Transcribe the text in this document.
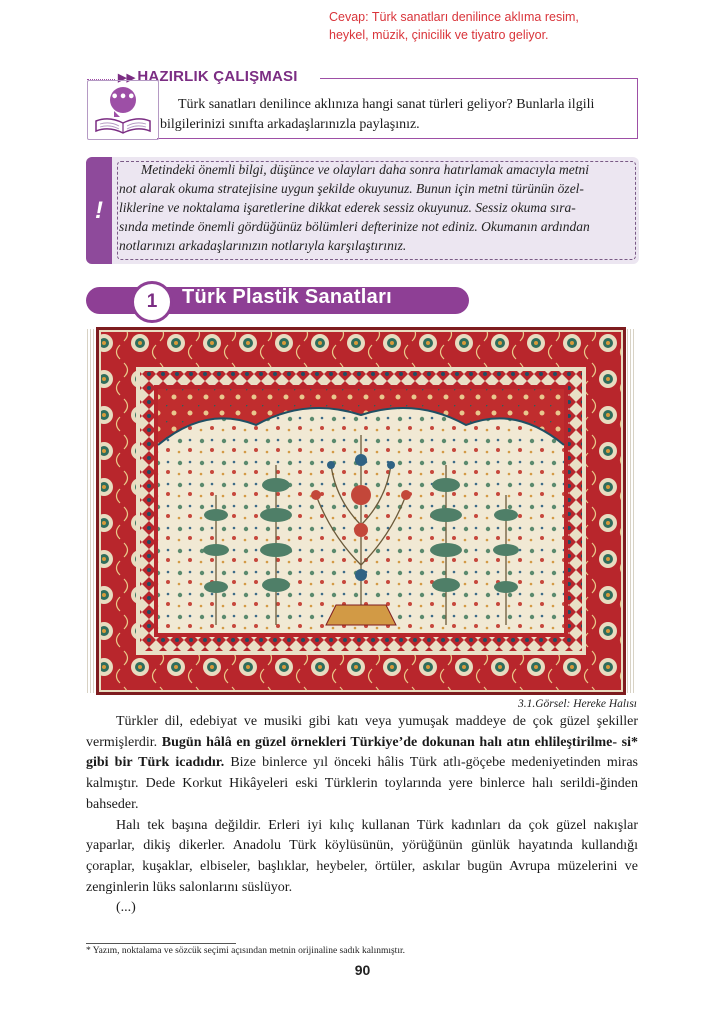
Cevap: Türk sanatları denilince aklıma resim,
heykel, müzik, çinicilik ve tiyatro geliyor.
▶▶ HAZIRLIK ÇALIŞMASI
•••	Türk sanatları denilince aklınıza hangi sanat türleri geliyor? Bunlarla ilgili
bilgilerinizi sınıfta arkadaşlarınızla paylaşınız.
!
Metindeki önemli bilgi, düşünce ve olayları daha sonra hatırlamak amacıyla metni
not alarak okuma stratejisine uygun şekilde okuyunuz. Bunun için metni türünün özel-
liklerine ve noktalama işaretlerine dikkat ederek sessiz okuyunuz. Sessiz okuma sıra-
sında metinde önemli gördüğünüz bölümleri defterinize not ediniz. Okumanın ardından
notlarınızı arkadaşlarınızın notlarıyla karşılaştırınız.
1	Türk Plastik Sanatları
3.1.Görsel: Hereke Halısı

Türkler dil, edebiyat ve musiki gibi katı veya yumuşak maddeye de çok güzel şekiller vermişlerdir. Bugün hâlâ en güzel örnekleri Türkiye’de dokunan halı atın ehlileştirilme- si* gibi bir Türk icadıdır. Bize binlerce yıl önceki hâlis Türk atlı-göçebe medeniyetinden miras kalmıştır. Dede Korkut Hikâyeleri eski Türklerin toylarında yere binlerce halı serildi-ğinden bahseder.

Halı tek başına değildir. Erleri iyi kılıç kullanan Türk kadınları da çok güzel nakışlar yaparlar, dikiş dikerler. Anadolu Türk köylüsünün, yörüğünün günlük hayatında kullandığı çoraplar, kuşaklar, elbiseler, başlıklar, heybeler, örtüler, askılar bugün Avrupa müzelerini ve zenginlerin lüks salonlarını süslüyor.

(...)

* Yazım, noktalama ve sözcük seçimi açısından metnin orijinaline sadık kalınmıştır.
90
